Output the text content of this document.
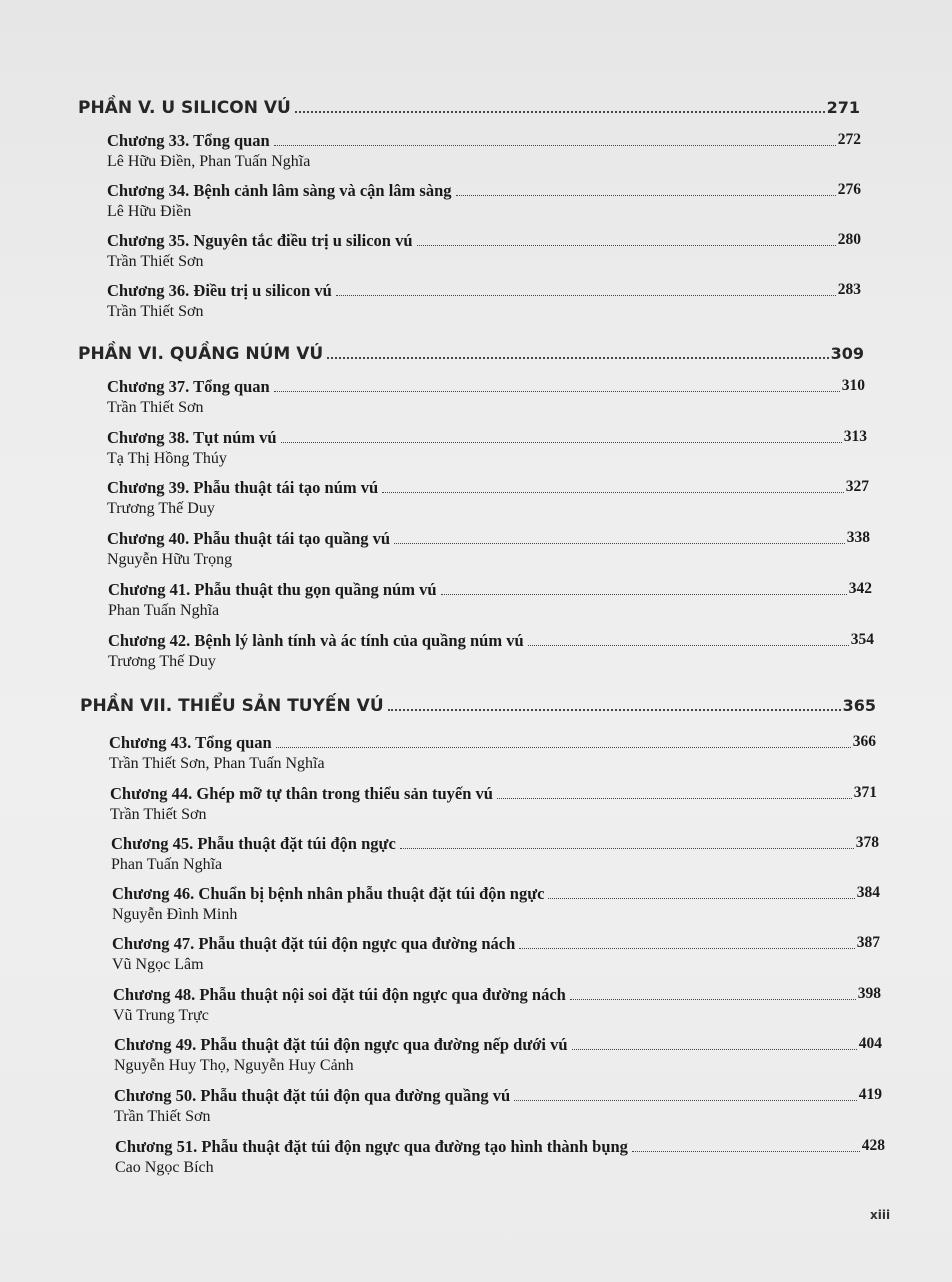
PHẦN V. U SILICON VÚ	271
Chương 33. Tổng quan	272
Lê Hữu Điền, Phan Tuấn Nghĩa
Chương 34. Bệnh cảnh lâm sàng và cận lâm sàng	276
Lê Hữu Điền
Chương 35. Nguyên tắc điều trị u silicon vú	280
Trần Thiết Sơn
Chương 36. Điều trị u silicon vú	283
Trần Thiết Sơn
PHẦN VI. QUẦNG NÚM VÚ	309
Chương 37. Tổng quan	310
Trần Thiết Sơn
Chương 38. Tụt núm vú	313
Tạ Thị Hồng Thúy
Chương 39. Phẫu thuật tái tạo núm vú	327
Trương Thế Duy
Chương 40. Phẫu thuật tái tạo quầng vú	338
Nguyễn Hữu Trọng
Chương 41. Phẫu thuật thu gọn quầng núm vú	342
Phan Tuấn Nghĩa
Chương 42. Bệnh lý lành tính và ác tính của quầng núm vú	354
Trương Thế Duy
PHẦN VII. THIỂU SẢN TUYẾN VÚ	365
Chương 43. Tổng quan	366
Trần Thiết Sơn, Phan Tuấn Nghĩa
Chương 44. Ghép mỡ tự thân trong thiểu sản tuyến vú	371
Trần Thiết Sơn
Chương 45. Phẫu thuật đặt túi độn ngực	378
Phan Tuấn Nghĩa
Chương 46. Chuẩn bị bệnh nhân phẫu thuật đặt túi độn ngực	384
Nguyễn Đình Minh
Chương 47. Phẫu thuật đặt túi độn ngực qua đường nách	387
Vũ Ngọc Lâm
Chương 48. Phẫu thuật nội soi đặt túi độn ngực qua đường nách	398
Vũ Trung Trực
Chương 49. Phẫu thuật đặt túi độn ngực qua đường nếp dưới vú	404
Nguyễn Huy Thọ, Nguyễn Huy Cảnh
Chương 50. Phẫu thuật đặt túi độn qua đường quầng vú	419
Trần Thiết Sơn
Chương 51. Phẫu thuật đặt túi độn ngực qua đường tạo hình thành bụng	428
Cao Ngọc Bích
xiii
